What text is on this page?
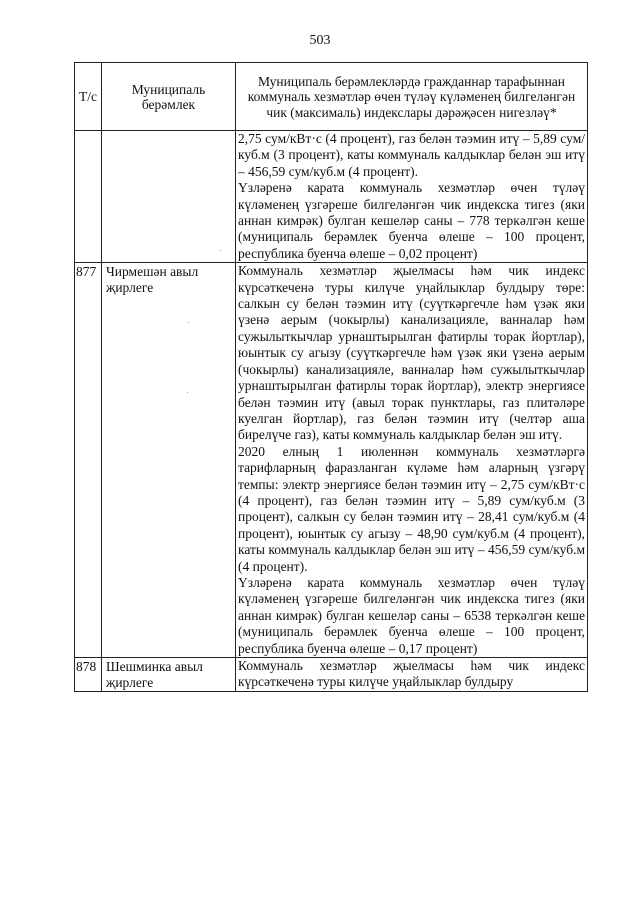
503
Т/с	Муниципаль берәмлек	Муниципаль берәмлекләрдә гражданнар тарафыннан коммуналь хезмәтләр өчен түләү күләменең билгеләнгән чик (максималь) индекслары дәрәҗәсен нигезләү*

		2,75 сум/кВт·с (4 процент), газ белән тәэмин итү – 5,89 сум/куб.м (3 процент), каты коммуналь калдыклар белән эш итү – 456,59 сум/куб.м (4 процент).

Үзләренә карата коммуналь хезмәтләр өчен түләү күләменең үзгәреше билгеләнгән чик индекска тигез (яки аннан кимрәк) булган кешеләр саны – 778 теркәлгән кеше (муниципаль берәмлек буенча өлеше – 100 процент, республика буенча өлеше – 0,02 процент)

877	Чирмешән авыл җирлеге	Коммуналь хезмәтләр җыелмасы һәм чик индекс күрсәткеченә туры килүче уңайлыклар булдыру төре: салкын су белән тәэмин итү (суүткәргечле һәм үзәк яки үзенә аерым (чокырлы) канализацияле, ванналар һәм сужылыткычлар урнаштырылган фатирлы торак йортлар), юынтык су агызу (суүткәргечле һәм үзәк яки үзенә аерым (чокырлы) канализацияле, ванналар һәм сужылыткычлар урнаштырылган фатирлы торак йортлар), электр энергиясе белән тәэмин итү (авыл торак пунктлары, газ плитәләре куелган йортлар), газ белән тәэмин итү (челтәр аша бирелүче газ), каты коммуналь калдыклар белән эш итү.

2020 елның 1 июленнән коммуналь хезмәтләргә тарифларның фаразланган күләме һәм аларның үзгәрү темпы: электр энергиясе белән тәэмин итү – 2,75 сум/кВт·с (4 процент), газ белән тәэмин итү – 5,89 сум/куб.м (3 процент), салкын су белән тәэмин итү – 28,41 сум/куб.м (4 процент), юынтык су агызу – 48,90 сум/куб.м (4 процент), каты коммуналь калдыклар белән эш итү – 456,59 сум/куб.м (4 процент).

Үзләренә карата коммуналь хезмәтләр өчен түләү күләменең үзгәреше билгеләнгән чик индекска тигез (яки аннан кимрәк) булган кешеләр саны – 6538 теркәлгән кеше (муниципаль берәмлек буенча өлеше – 100 процент, республика буенча өлеше – 0,17 процент)

878	Шешминка авыл җирлеге	Коммуналь хезмәтләр җыелмасы һәм чик индекс күрсәткеченә туры килүче уңайлыклар булдыру
